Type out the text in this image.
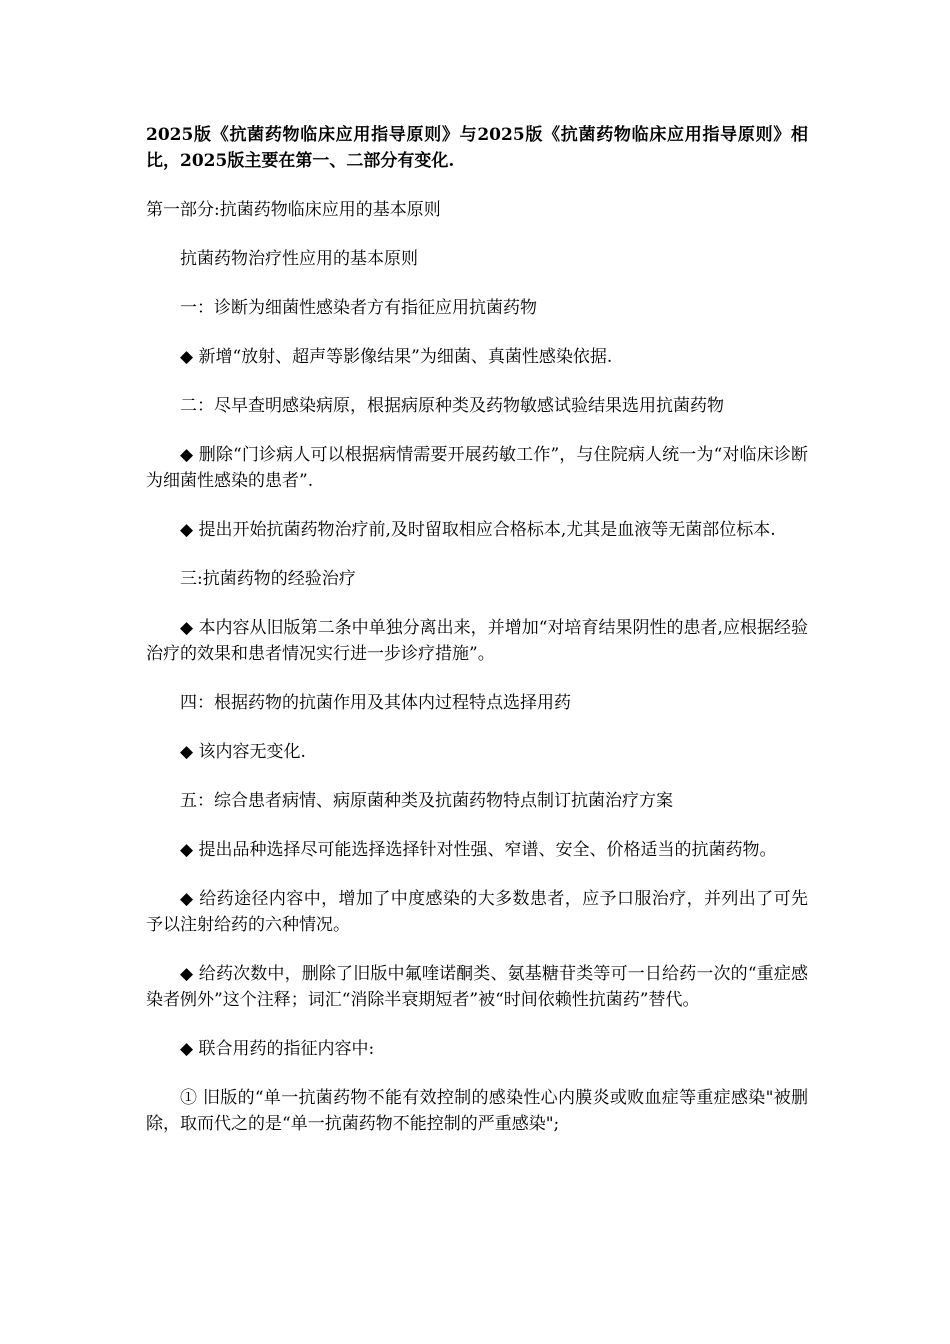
2025版《抗菌药物临床应用指导原则》与2025版《抗菌药物临床应用指导原则》相比，2025版主要在第一、二部分有变化.

第一部分:抗菌药物临床应用的基本原则

抗菌药物治疗性应用的基本原则

一：诊断为细菌性感染者方有指征应用抗菌药物

◆ 新增“放射、超声等影像结果”为细菌、真菌性感染依据.

二：尽早查明感染病原，根据病原种类及药物敏感试验结果选用抗菌药物

◆ 删除“门诊病人可以根据病情需要开展药敏工作”，与住院病人统一为“对临床诊断为细菌性感染的患者”.

◆ 提出开始抗菌药物治疗前,及时留取相应合格标本,尤其是血液等无菌部位标本.

三:抗菌药物的经验治疗

◆ 本内容从旧版第二条中单独分离出来，并增加“对培育结果阴性的患者,应根据经验治疗的效果和患者情况实行进一步诊疗措施”。

四：根据药物的抗菌作用及其体内过程特点选择用药

◆ 该内容无变化.

五：综合患者病情、病原菌种类及抗菌药物特点制订抗菌治疗方案

◆ 提出品种选择尽可能选择选择针对性强、窄谱、安全、价格适当的抗菌药物。

◆ 给药途径内容中，增加了中度感染的大多数患者，应予口服治疗，并列出了可先予以注射给药的六种情况。

◆ 给药次数中，删除了旧版中氟喹诺酮类、氨基糖苷类等可一日给药一次的“重症感染者例外”这个注释；词汇“消除半衰期短者”被“时间依赖性抗菌药”替代。

◆ 联合用药的指征内容中:

① 旧版的“单一抗菌药物不能有效控制的感染性心内膜炎或败血症等重症感染"被删除，取而代之的是“单一抗菌药物不能控制的严重感染";
